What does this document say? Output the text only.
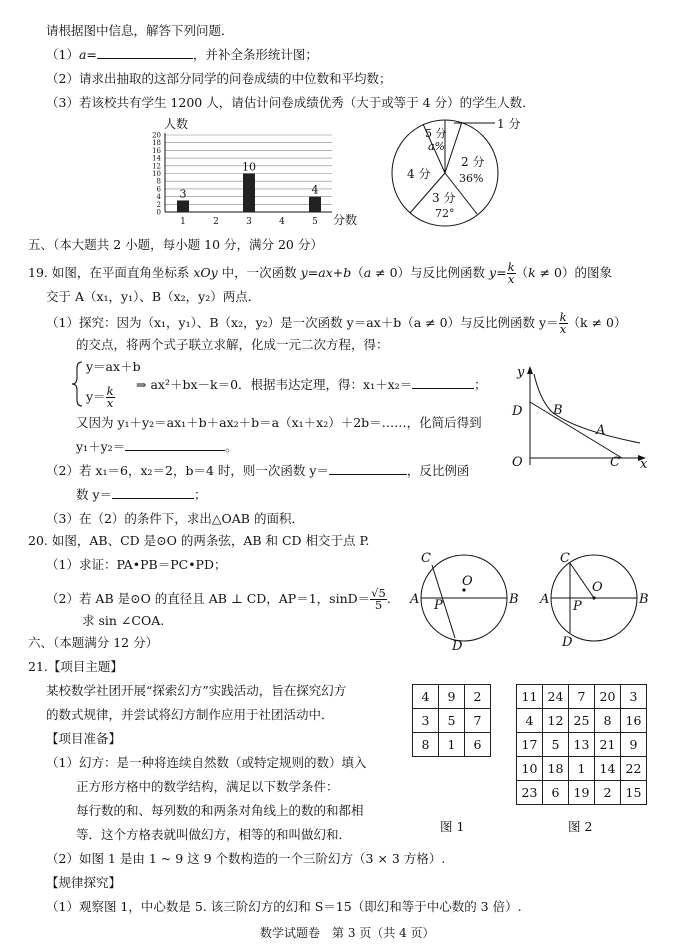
请根据图中信息，解答下列问题．
（1）a=	，并补全条形统计图；
（2）请求出抽取的这部分同学的问卷成绩的中位数和平均数；
（3）若该校共有学生 1200 人，请估计问卷成绩优秀（大于或等于 4 分）的学生人数．
人数
分数
20
18
16
14
12
10
8
6
4
2
0
1	2	3	4	5
3
10
4
1 分
5 分
a%
2 分
36%
4 分
3 分
72°
五、（本大题共 2 小题，每小题 10 分，满分 20 分）
19. 如图，在平面直角坐标系 xOy 中，一次函数 y=ax+b（a ≠ 0）与反比例函数 $y= \frac{k}{x} (k \ne 0)$的图象
交于 A（x₁，y₁）、B（x₂，y₂）两点．
（1）探究：因为（x₁，y₁）、B（x₂，y₂）是一次函数 y＝ax＋b（a ≠ 0）与反比例函数 $y= \frac{k}{x} (k \ne 0)$
的交点，将两个式子联立求解，化成一元二次方程，得：
y＝ax＋b
$y= \frac{k}{x}$
⇒ ax²＋bx－k＝0．根据韦达定理，得：x₁＋x₂＝	；
又因为 y₁＋y₂＝ax₁＋b＋ax₂＋b＝a（x₁＋x₂）＋2b＝……，化简后得到
y₁＋y₂＝	。
（2）若 x₁＝6，x₂＝2，b＝4 时，则一次函数 y＝	，反比例函
数 y＝	；
（3）在（2）的条件下，求出△OAB 的面积．
y
x
D B
A
O	C
20. 如图，AB、CD 是⊙O 的两条弦，AB 和 CD 相交于点 P.
（1）求证：PA•PB＝PC•PD；
（2）若 AB 是⊙O 的直径且 AB ⊥ CD，AP＝1，$\sin D= \frac{√5}{5}$ .
求 sin ∠COA.
C
O
A P	B
D
C
O
A P	B
D
六、（本题满分 12 分）
21.【项目主题】
某校数学社团开展“探索幻方”实践活动，旨在探究幻方
的数式规律，并尝试将幻方制作应用于社团活动中．
【项目准备】
（1）幻方：是一种将连续自然数（或特定规则的数）填入
正方形方格中的数学结构，满足以下数学条件：
每行数的和、每列数的和两条对角线上的数的和都相
等．这个方格表就叫做幻方，相等的和叫做幻和．
（2）如图 1 是由 1 ~ 9 这 9 个数构造的一个三阶幻方（3 × 3 方格）.
【规律探究】
（1）观察图 1，中心数是 5. 该三阶幻方的幻和 S＝15（即幻和等于中心数的 3 倍）.
4	9	2
3	5	7
8	1	6
图 1
11	24	7	20	3
4	12	25	8	16
17	5	13	21	9
10	18	1	14	22
23	6	19	2	15
图 2
数学试题卷　第 3 页（共 4 页）
